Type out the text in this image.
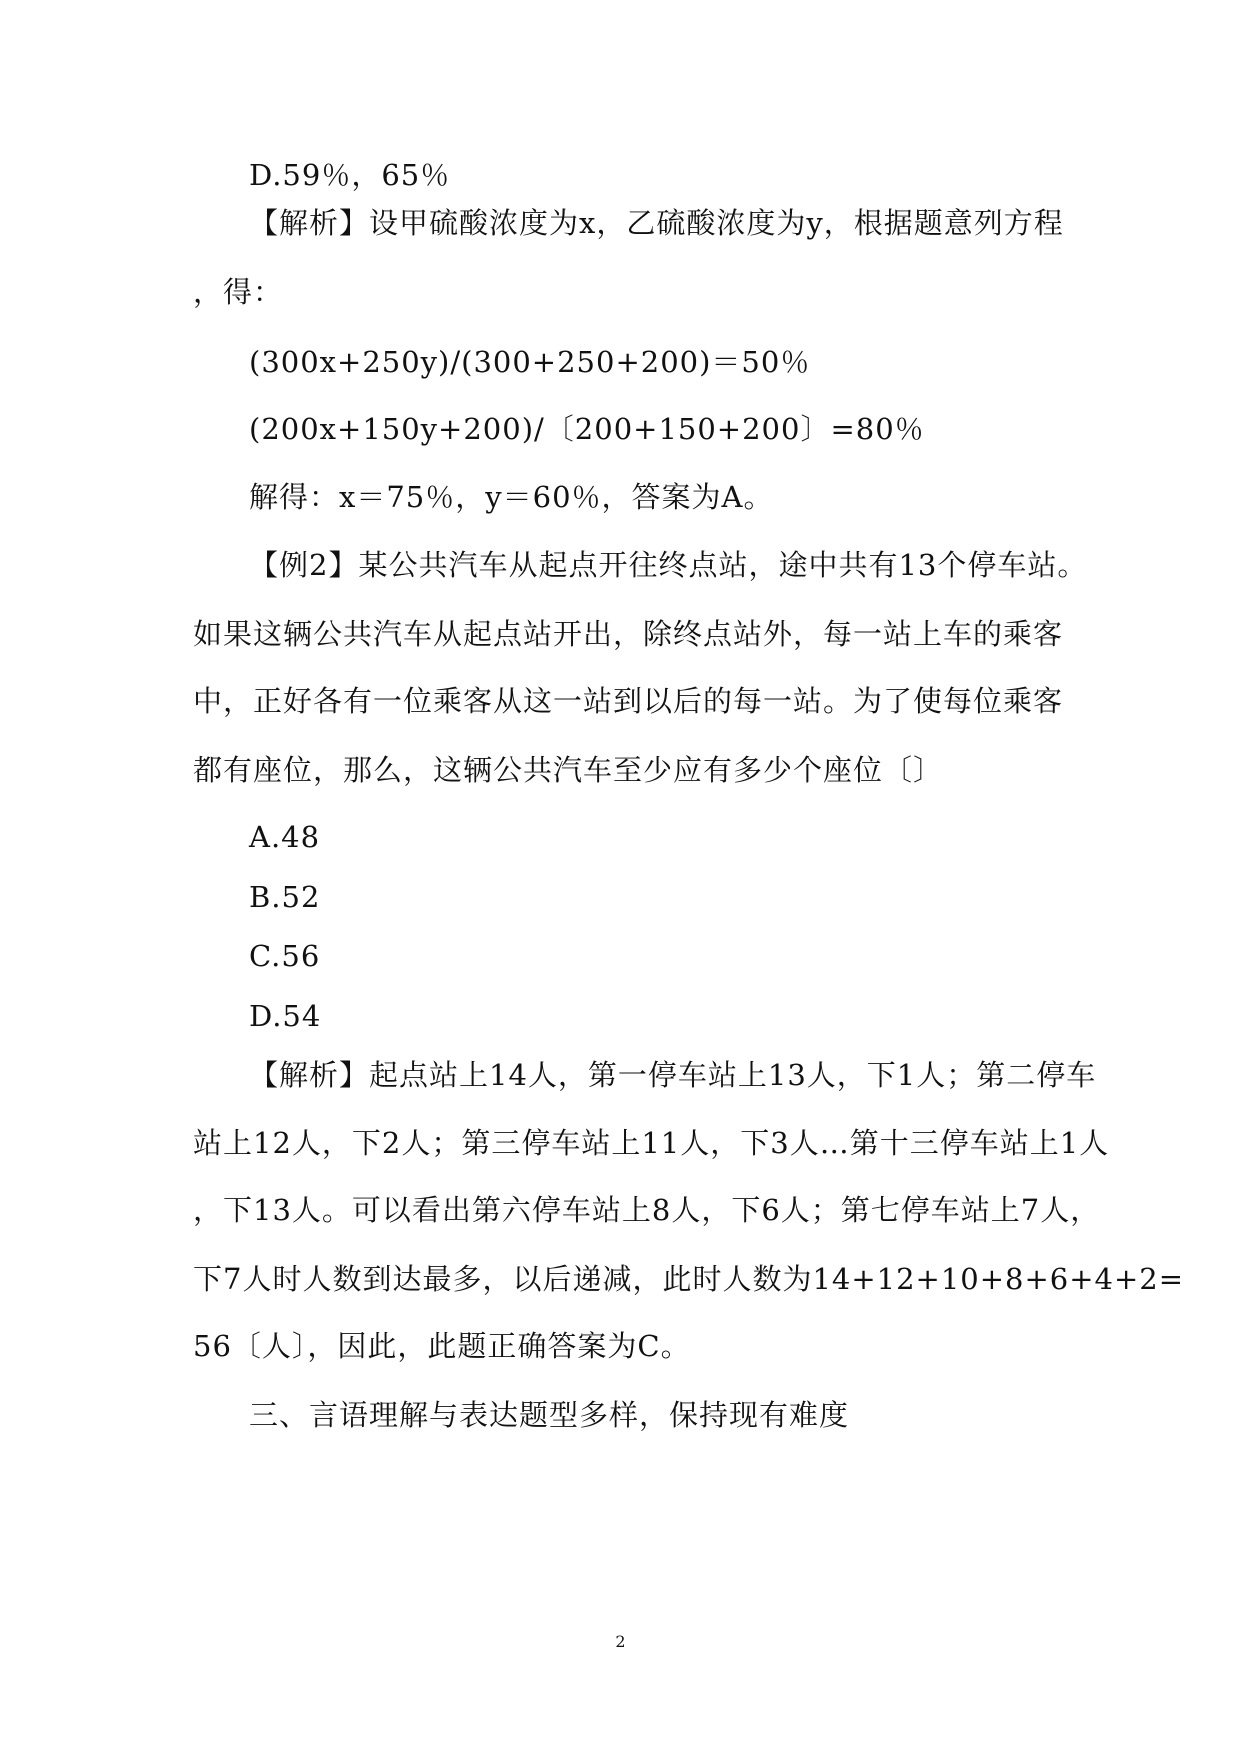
D.59％，65％
【解析】设甲硫酸浓度为x，乙硫酸浓度为y，根据题意列方程
，得：
(300x+250y)/(300+250+200)＝50％
(200x+150y+200)/〔200+150+200〕=80％
解得：x＝75％，y＝60％，答案为A。
【例2】某公共汽车从起点开往终点站，途中共有13个停车站。
如果这辆公共汽车从起点站开出，除终点站外，每一站上车的乘客
中，正好各有一位乘客从这一站到以后的每一站。为了使每位乘客
都有座位，那么，这辆公共汽车至少应有多少个座位〔〕
A.48
B.52
C.56
D.54
【解析】起点站上14人，第一停车站上13人，下1人；第二停车
站上12人，下2人；第三停车站上11人，下3人…第十三停车站上1人
，下13人。可以看出第六停车站上8人，下6人；第七停车站上7人，
下7人时人数到达最多，以后递减，此时人数为14+12+10+8+6+4+2=
56〔人〕，因此，此题正确答案为C。
三、言语理解与表达题型多样，保持现有难度
2
